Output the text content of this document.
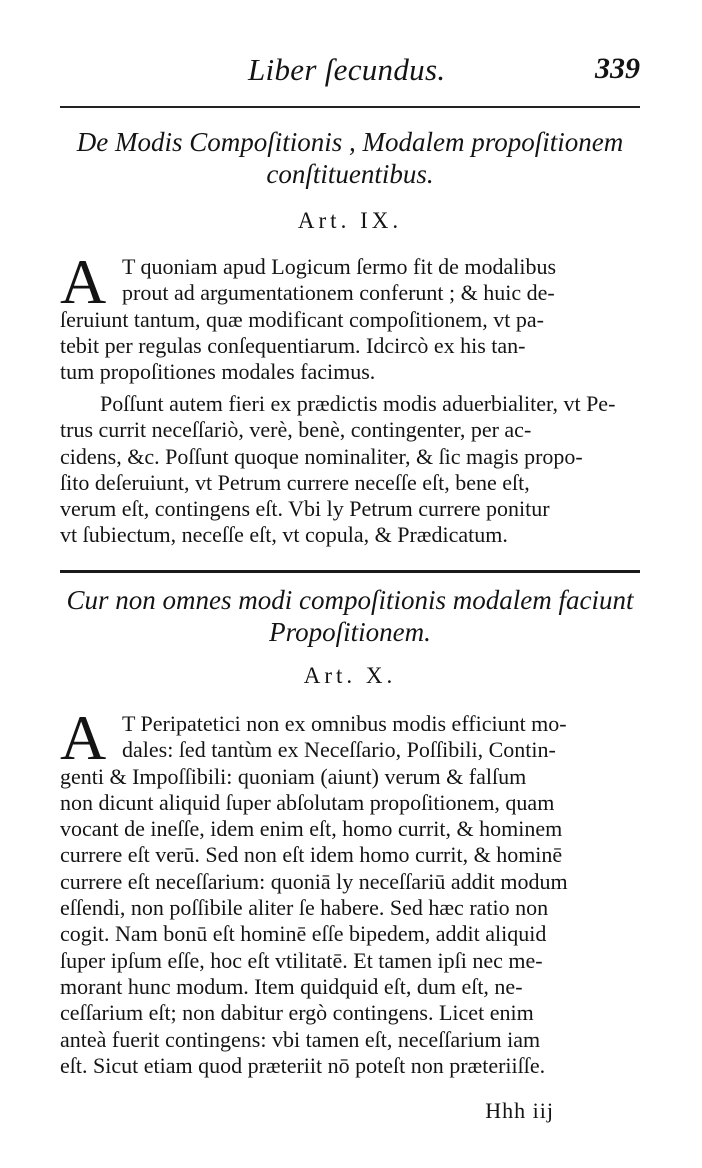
Liber ſecundus.	339
De Modis Compoſitionis , Modalem propoſitionem
conſtituentibus.
Art. IX.
A T quoniam apud Logicum ſermo fit de modalibus
prout ad argumentationem conferunt ; & huic de-
ſeruiunt tantum, quæ modificant compoſitionem, vt pa-
tebit per regulas conſequentiarum. Idcircò ex his tan-
tum propoſitiones modales facimus.
Poſſunt autem fieri ex prædictis modis aduerbialiter, vt Pe-
trus currit neceſſariò, verè, benè, contingenter, per ac-
cidens, &c. Poſſunt quoque nominaliter, & ſic magis propo-
ſito deſeruiunt, vt Petrum currere neceſſe eſt, bene eſt,
verum eſt, contingens eſt. Vbi ly Petrum currere ponitur
vt ſubiectum, neceſſe eſt, vt copula, & Prædicatum.
Cur non omnes modi compoſitionis modalem faciunt
Propoſitionem.
Art. X.
A T Peripatetici non ex omnibus modis efficiunt mo-
dales: ſed tantùm ex Neceſſario, Poſſibili, Contin-
genti & Impoſſibili: quoniam (aiunt) verum & falſum
non dicunt aliquid ſuper abſolutam propoſitionem, quam
vocant de ineſſe, idem enim eſt, homo currit, & hominem
currere eſt verū. Sed non eſt idem homo currit, & hominē
currere eſt neceſſarium: quoniā ly neceſſariū addit modum
eſſendi, non poſſibile aliter ſe habere. Sed hæc ratio non
cogit. Nam bonū eſt hominē eſſe bipedem, addit aliquid
ſuper ipſum eſſe, hoc eſt vtilitatē. Et tamen ipſi nec me-
morant hunc modum. Item quidquid eſt, dum eſt, ne-
ceſſarium eſt; non dabitur ergò contingens. Licet enim
anteà fuerit contingens: vbi tamen eſt, neceſſarium iam
eſt. Sicut etiam quod præteriit nō poteſt non præteriiſſe.
Hhh iij
